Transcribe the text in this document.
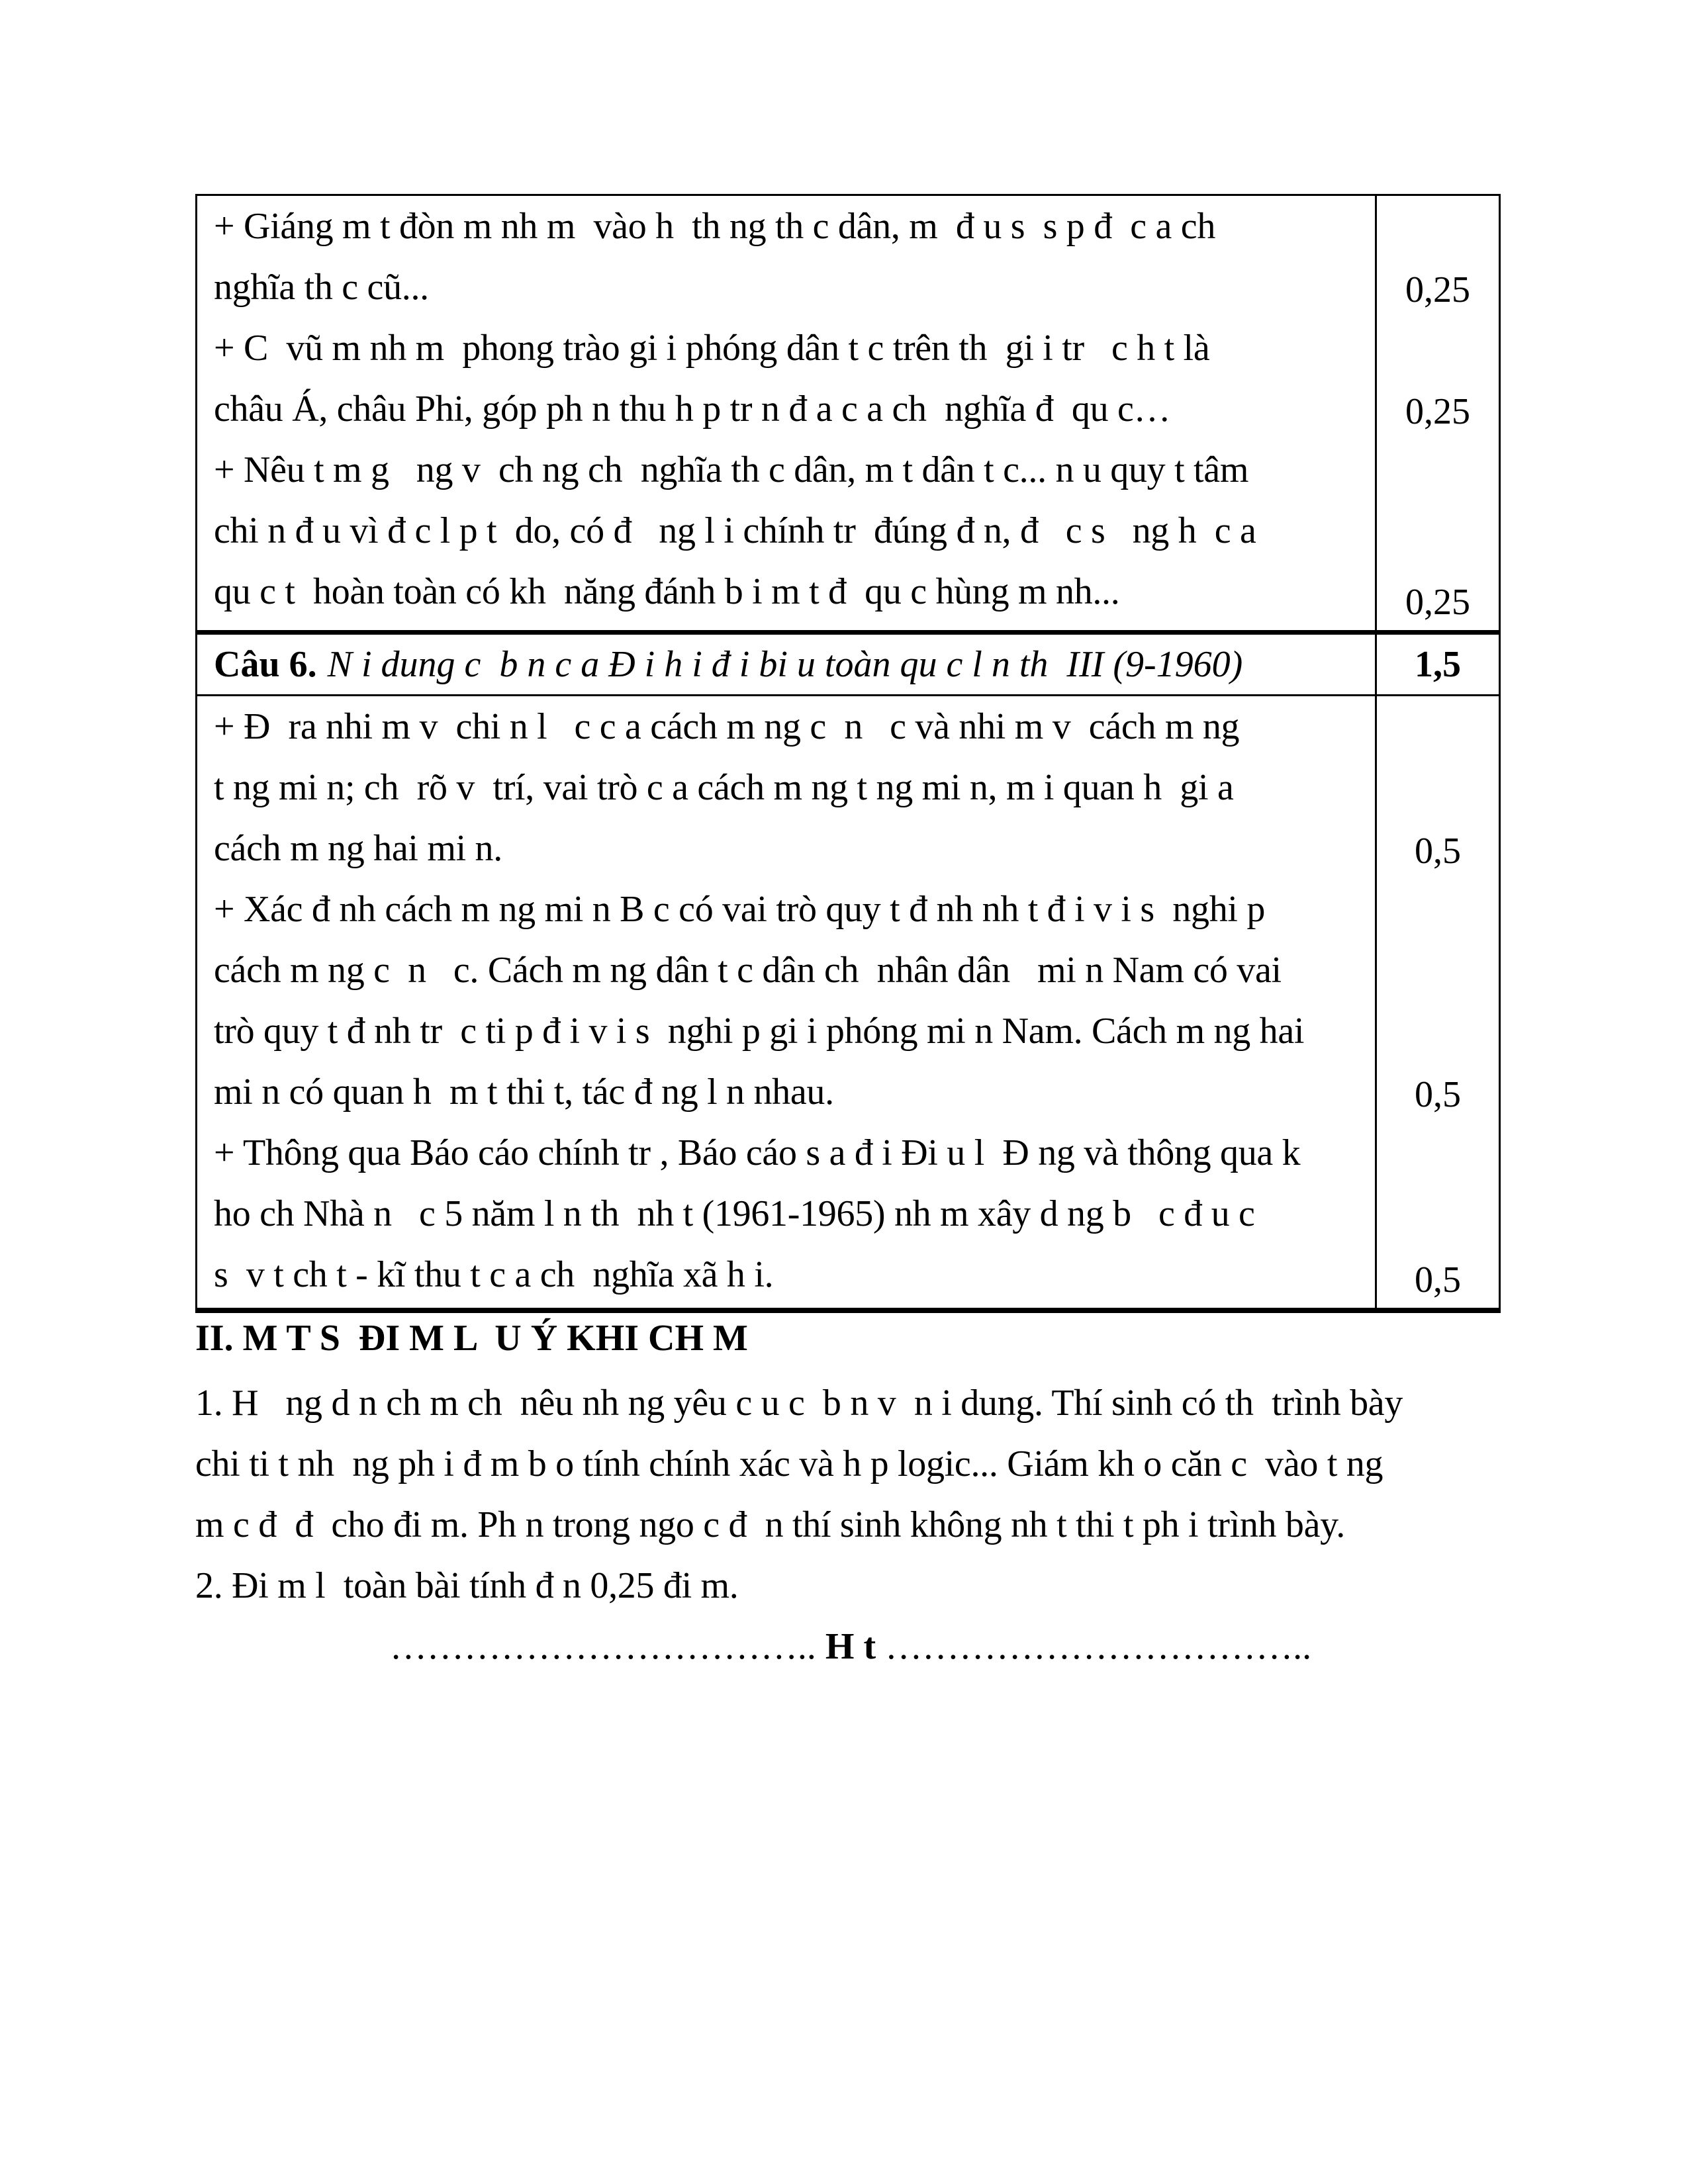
+ Giáng m t đòn m nh m  vào h  th ng th c dân, m  đ u s  s p đ  c a ch
nghĩa th c cũ...	0,25
+ C  vũ m nh m  phong trào gi i phóng dân t c trên th  gi i tr   c h t là
châu Á, châu Phi, góp ph n thu h p tr n đ a c a ch  nghĩa đ  qu c…	0,25
+ Nêu t m g   ng v  ch ng ch  nghĩa th c dân, m t dân t c... n u quy t tâm
chi n đ u vì đ c l p t  do, có đ   ng l i chính tr  đúng đ n, đ   c s   ng h  c a
qu c t  hoàn toàn có kh  năng đánh b i m t đ  qu c hùng m nh...	0,25
Câu 6. N i dung c  b n c a Đ i h i đ i bi u toàn qu c l n th  III (9-1960)	1,5
+ Đ  ra nhi m v  chi n l   c c a cách m ng c  n   c và nhi m v  cách m ng
t ng mi n; ch  rõ v  trí, vai trò c a cách m ng t ng mi n, m i quan h  gi a
cách m ng hai mi n.	0,5
+ Xác đ nh cách m ng mi n B c có vai trò quy t đ nh nh t đ i v i s  nghi p
cách m ng c  n   c. Cách m ng dân t c dân ch  nhân dân   mi n Nam có vai
trò quy t đ nh tr  c ti p đ i v i s  nghi p gi i phóng mi n Nam. Cách m ng hai
mi n có quan h  m t thi t, tác đ ng l n nhau.	0,5
+ Thông qua Báo cáo chính tr , Báo cáo s a đ i Đi u l  Đ ng và thông qua k
ho ch Nhà n   c 5 năm l n th  nh t (1961-1965) nh m xây d ng b   c đ u c
s  v t ch t - kĩ thu t c a ch  nghĩa xã h i.	0,5
II. M T S  ĐI M L  U Ý KHI CH M
1. H   ng d n ch m ch  nêu nh ng yêu c u c  b n v  n i dung. Thí sinh có th  trình bày
chi ti t nh  ng ph i đ m b o tính chính xác và h p logic... Giám kh o căn c  vào t ng
m c đ  đ  cho đi m. Ph n trong ngo c đ  n thí sinh không nh t thi t ph i trình bày.
2. Đi m l  toàn bài tính đ n 0,25 đi m.
…………………………….. H t ……………………………..
